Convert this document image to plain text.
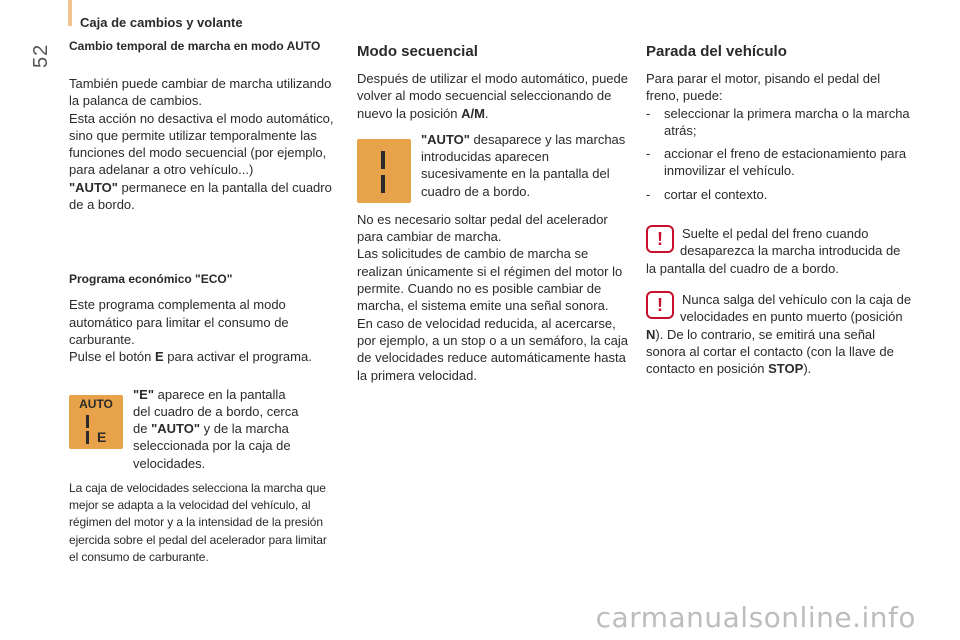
52
Caja de cambios y volante
Cambio temporal de marcha en modo AUTO

También puede cambiar de marcha utilizando la palanca de cambios.

Esta acción no desactiva el modo automático, sino que permite utilizar temporalmente las funciones del modo secuencial (por ejemplo, para adelanar a otro vehículo...)

"AUTO" permanece en la pantalla del cuadro de a bordo.

Programa económico "ECO"

Este programa complementa al modo automático para limitar el consumo de carburante.

Pulse el botón E para activar el programa.

AUTO
E

"E" aparece en la pantalla del cuadro de a bordo, cerca de "AUTO" y de la marcha seleccionada por la caja de velocidades.

La caja de velocidades selecciona la marcha que mejor se adapta a la velocidad del vehículo, al régimen del motor y a la intensidad de la presión ejercida sobre el pedal del acelerador para limitar el consumo de carburante.

Modo secuencial

Después de utilizar el modo automático, puede volver al modo secuencial seleccionando de nuevo la posición A/M.

"AUTO" desaparece y las marchas introducidas aparecen sucesivamente en la pantalla del cuadro de a bordo.

No es necesario soltar pedal del acelerador para cambiar de marcha.

Las solicitudes de cambio de marcha se realizan únicamente si el régimen del motor lo permite. Cuando no es posible cambiar de marcha, el sistema emite una señal sonora.

En caso de velocidad reducida, al acercarse, por ejemplo, a un stop o a un semáforo, la caja de velocidades reduce automáticamente hasta la primera velocidad.

Parada del vehículo

Para parar el motor, pisando el pedal del freno, puede:

-	seleccionar la primera marcha o la marcha atrás;
-	accionar el freno de estacionamiento para inmovilizar el vehículo.
-	cortar el contexto.
!	Suelte el pedal del freno cuando desaparezca la marcha introducida de la pantalla del cuadro de a bordo.

!	Nunca salga del vehículo con la caja de velocidades en punto muerto (posición N). De lo contrario, se emitirá una señal sonora al cortar el contacto (con la llave de contacto en posición STOP).

carmanualsonline.info
